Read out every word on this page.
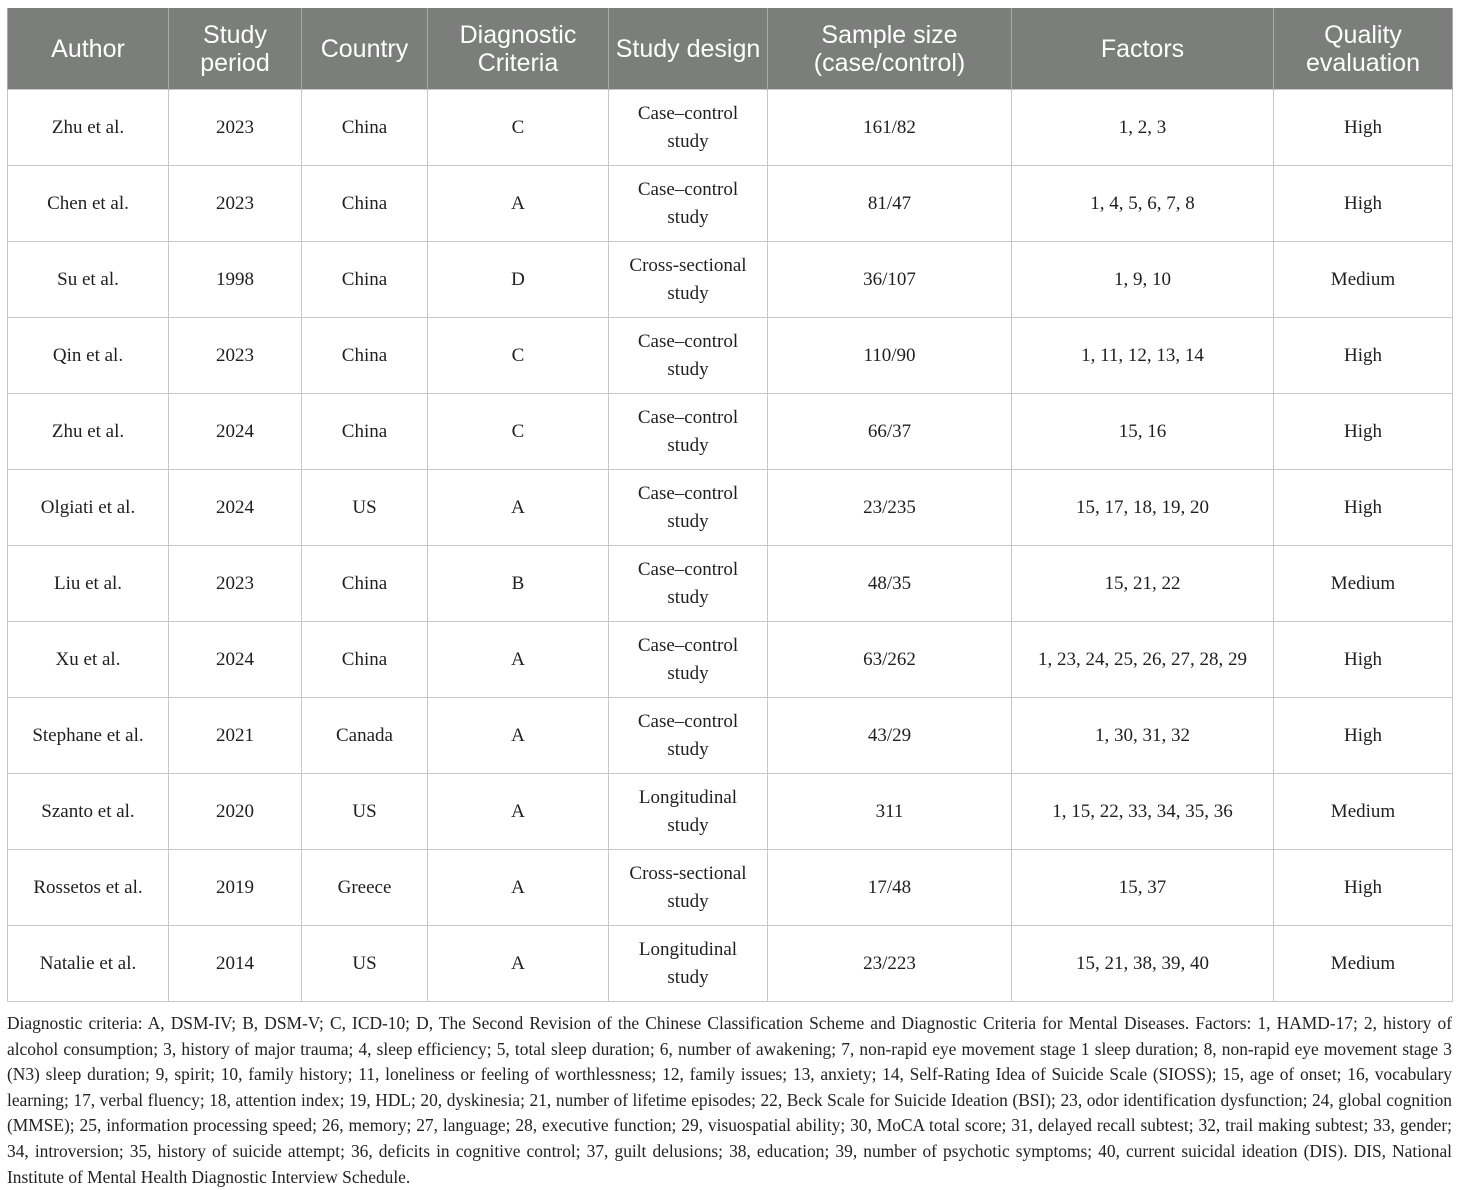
Author	Study period	Country	Diagnostic Criteria	Study design	Sample size (case/control)	Factors	Quality evaluation
Zhu et al.	2023	China	C	Case–control study	161/82	1, 2, 3	High
Chen et al.	2023	China	A	Case–control study	81/47	1, 4, 5, 6, 7, 8	High
Su et al.	1998	China	D	Cross-sectional study	36/107	1, 9, 10	Medium
Qin et al.	2023	China	C	Case–control study	110/90	1, 11, 12, 13, 14	High
Zhu et al.	2024	China	C	Case–control study	66/37	15, 16	High
Olgiati et al.	2024	US	A	Case–control study	23/235	15, 17, 18, 19, 20	High
Liu et al.	2023	China	B	Case–control study	48/35	15, 21, 22	Medium
Xu et al.	2024	China	A	Case–control study	63/262	1, 23, 24, 25, 26, 27, 28, 29	High
Stephane et al.	2021	Canada	A	Case–control study	43/29	1, 30, 31, 32	High
Szanto et al.	2020	US	A	Longitudinal study	311	1, 15, 22, 33, 34, 35, 36	Medium
Rossetos et al.	2019	Greece	A	Cross-sectional study	17/48	15, 37	High
Natalie et al.	2014	US	A	Longitudinal study	23/223	15, 21, 38, 39, 40	Medium
Diagnostic criteria: A, DSM-IV; B, DSM-V; C, ICD-10; D, The Second Revision of the Chinese Classification Scheme and Diagnostic Criteria for Mental Diseases. Factors: 1, HAMD-17; 2, history of alcohol consumption; 3, history of major trauma; 4, sleep efficiency; 5, total sleep duration; 6, number of awakening; 7, non-rapid eye movement stage 1 sleep duration; 8, non-rapid eye movement stage 3 (N3) sleep duration; 9, spirit; 10, family history; 11, loneliness or feeling of worthlessness; 12, family issues; 13, anxiety; 14, Self-Rating Idea of Suicide Scale (SIOSS); 15, age of onset; 16, vocabulary learning; 17, verbal fluency; 18, attention index; 19, HDL; 20, dyskinesia; 21, number of lifetime episodes; 22, Beck Scale for Suicide Ideation (BSI); 23, odor identification dysfunction; 24, global cognition (MMSE); 25, information processing speed; 26, memory; 27, language; 28, executive function; 29, visuospatial ability; 30, MoCA total score; 31, delayed recall subtest; 32, trail making subtest; 33, gender; 34, introversion; 35, history of suicide attempt; 36, deficits in cognitive control; 37, guilt delusions; 38, education; 39, number of psychotic symptoms; 40, current suicidal ideation (DIS). DIS, National Institute of Mental Health Diagnostic Interview Schedule.
